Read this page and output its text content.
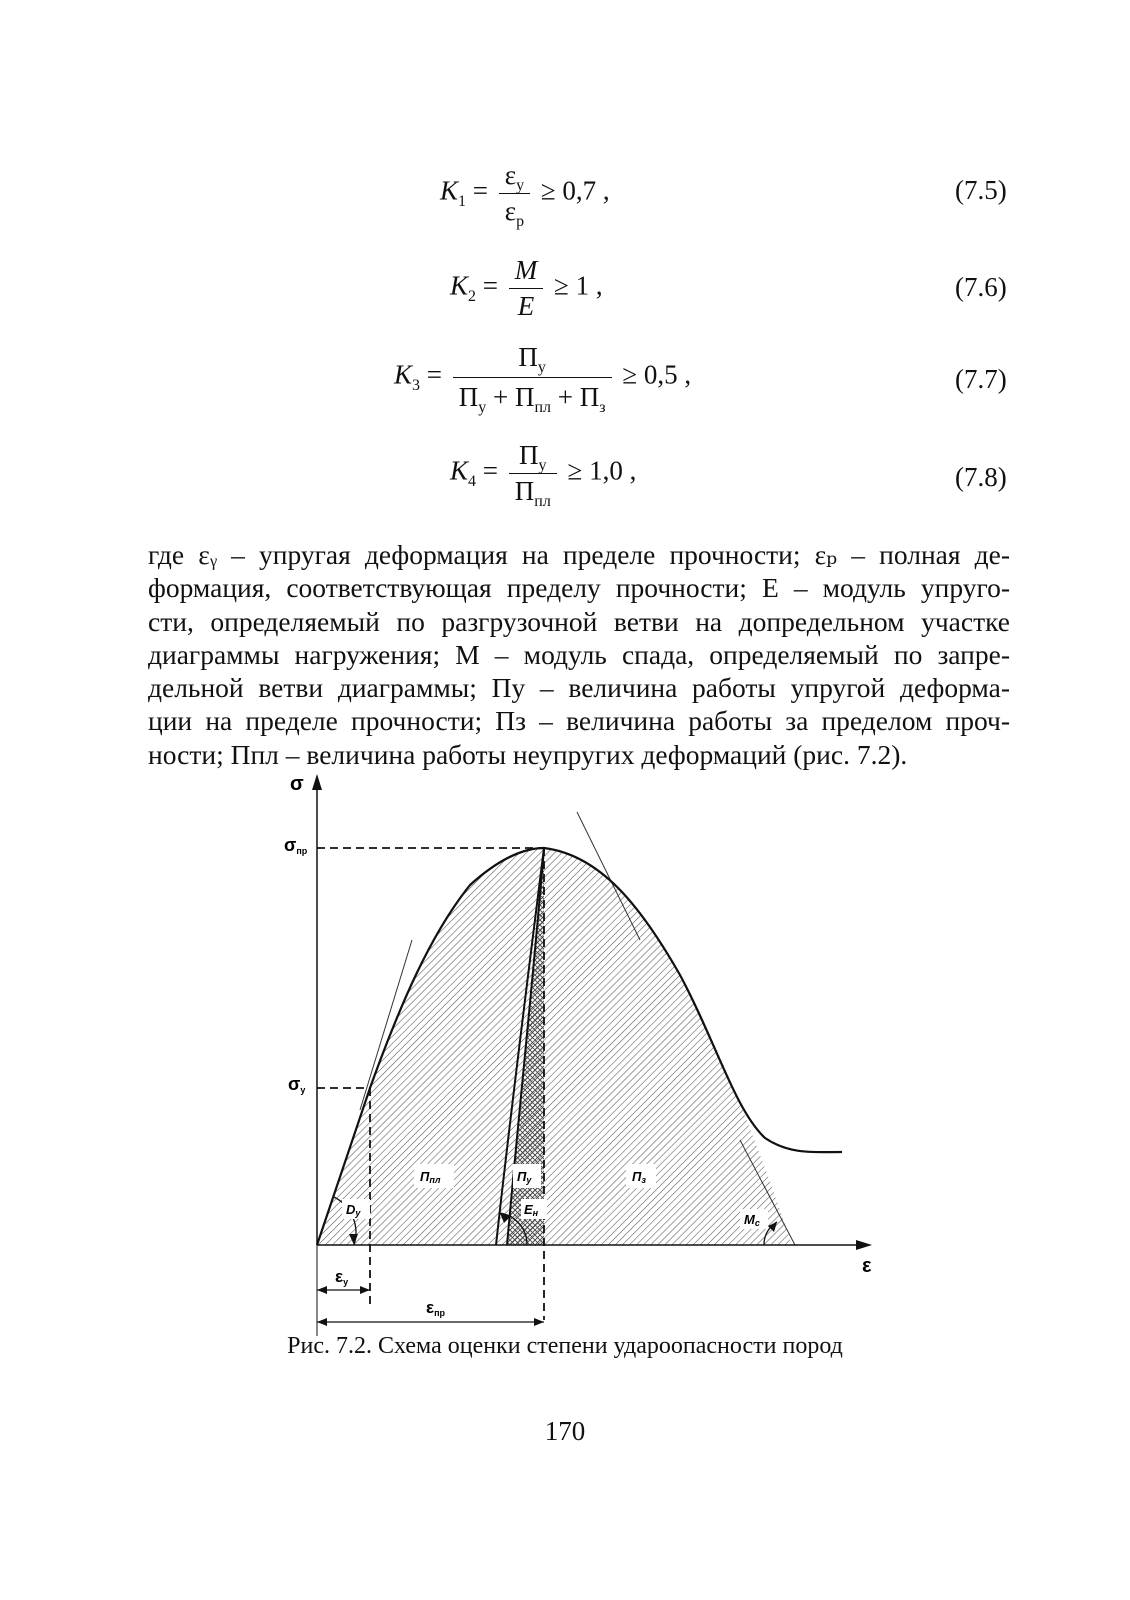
$K_1 = \frac{\varepsilon_у}{\varepsilon_р} \ge 0,7$ ,	(7.5)
$K_2 = \frac{M}{E} \ge 1$ ,	(7.6)
$K_3 = \frac{П_у}{П_у + П_{пл} + П_з} \ge 0,5$ ,	(7.7)
$K_4 = \frac{П_у}{П_{пл}} \ge 1,0$ ,	(7.8)
где εᵧ – упругая деформация на пределе прочности; εₚ – полная де-
формация, соответствующая пределу прочности; E – модуль упруго-
сти, определяемый по разгрузочной ветви на допредельном участке
диаграммы нагружения; M – модуль спада, определяемый по запре-
дельной ветви диаграммы; Пу – величина работы упругой деформа-
ции на пределе прочности; Пз – величина работы за пределом проч-
ности; Ппл – величина работы неупругих деформаций (рис. 7.2).
σ
ε
σпр
σу
Ппл	Пу	Пз
Dу	Eн	Mс
εу
εпр
Рис. 7.2. Схема оценки степени удароопасности пород
170
